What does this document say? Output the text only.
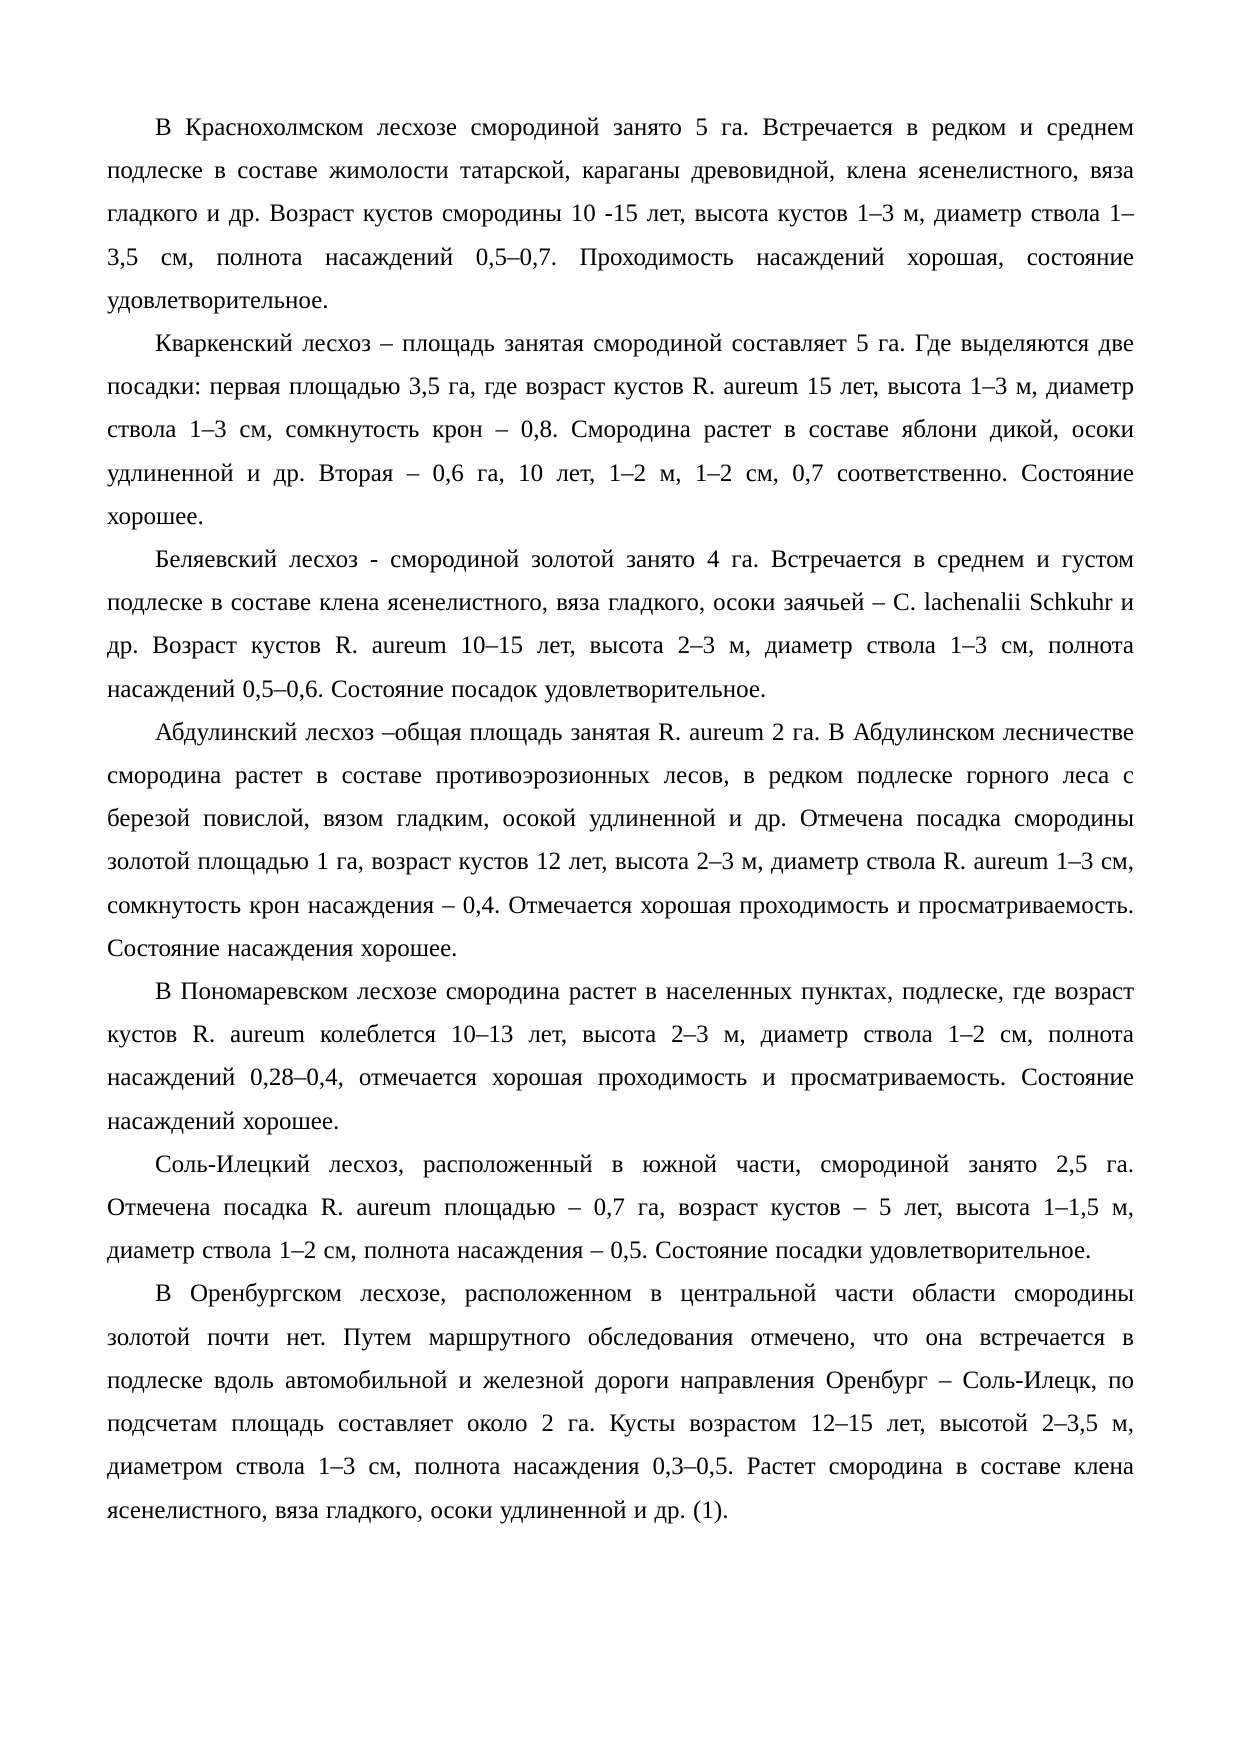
В Краснохолмском лесхозе смородиной занято 5 га. Встречается в редком и среднем подлеске в составе жимолости татарской, караганы древовидной, клена ясенелистного, вяза гладкого и др. Возраст кустов смородины 10 -15 лет, высота кустов 1–3 м, диаметр ствола 1–3,5 см, полнота насаждений 0,5–0,7. Проходимость насаждений хорошая, состояние удовлетворительное.

Кваркенский лесхоз – площадь занятая смородиной составляет 5 га. Где выделяются две посадки: первая площадью 3,5 га, где возраст кустов R. aureum 15 лет, высота 1–3 м, диаметр ствола 1–3 см, сомкнутость крон – 0,8. Смородина растет в составе яблони дикой, осоки удлиненной и др. Вторая – 0,6 га, 10 лет, 1–2 м, 1–2 см, 0,7 соответственно. Состояние хорошее.

Беляевский лесхоз - смородиной золотой занято 4 га. Встречается в среднем и густом подлеске в составе клена ясенелистного, вяза гладкого, осоки заячьей – C. lachenalii Schkuhr и др. Возраст кустов R. aureum 10–15 лет, высота 2–3 м, диаметр ствола 1–3 см, полнота насаждений 0,5–0,6. Состояние посадок удовлетворительное.

Абдулинский лесхоз –общая площадь занятая R. aureum 2 га. В Абдулинском лесничестве смородина растет в составе противоэрозионных лесов, в редком подлеске горного леса с березой повислой, вязом гладким, осокой удлиненной и др. Отмечена посадка смородины золотой площадью 1 га, возраст кустов 12 лет, высота 2–3 м, диаметр ствола R. aureum 1–3 см, сомкнутость крон насаждения – 0,4. Отмечается хорошая проходимость и просматриваемость. Состояние насаждения хорошее.

В Пономаревском лесхозе смородина растет в населенных пунктах, подлеске, где возраст кустов R. aureum колеблется 10–13 лет, высота 2–3 м, диаметр ствола 1–2 см, полнота насаждений 0,28–0,4, отмечается хорошая проходимость и просматриваемость. Состояние насаждений хорошее.

Соль-Илецкий лесхоз, расположенный в южной части, смородиной занято 2,5 га. Отмечена посадка R. aureum площадью – 0,7 га, возраст кустов – 5 лет, высота 1–1,5 м, диаметр ствола 1–2 см, полнота насаждения – 0,5. Состояние посадки удовлетворительное.

В Оренбургском лесхозе, расположенном в центральной части области смородины золотой почти нет. Путем маршрутного обследования отмечено, что она встречается в подлеске вдоль автомобильной и железной дороги направления Оренбург – Соль-Илецк, по подсчетам площадь составляет около 2 га. Кусты возрастом 12–15 лет, высотой 2–3,5 м, диаметром ствола 1–3 см, полнота насаждения 0,3–0,5. Растет смородина в составе клена ясенелистного, вяза гладкого, осоки удлиненной и др. (1).
